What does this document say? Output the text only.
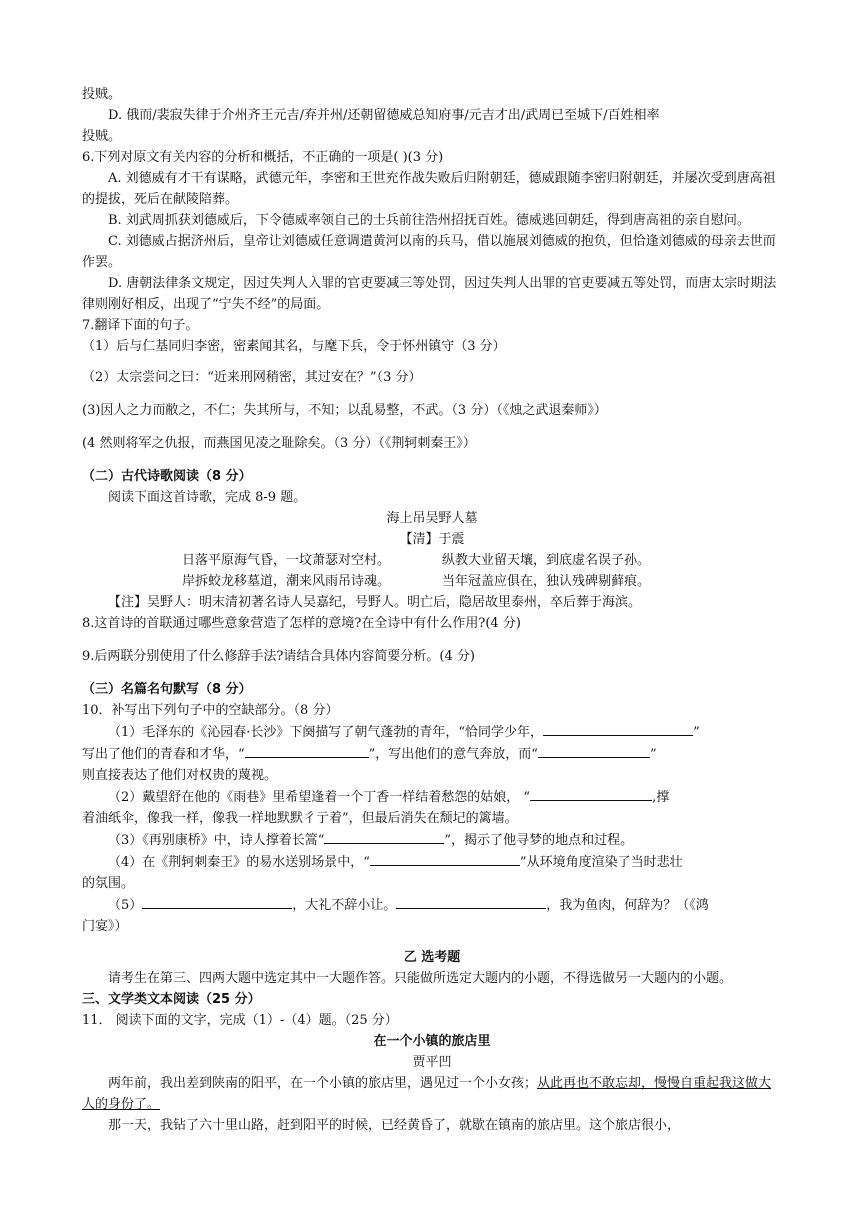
投贼。

D. 俄而/裴寂失律于介州齐王元吉/弃并州/还朝留德威总知府事/元吉才出/武周已至城下/百姓相率

投贼。

6.下列对原文有关内容的分析和概括，不正确的一项是( )(3 分)

A. 刘德威有才干有谋略，武德元年，李密和王世充作战失败后归附朝廷，德威跟随李密归附朝廷，并屡次受到唐高祖的提拔，死后在献陵陪葬。

B. 刘武周抓获刘德威后，下令德威率领自己的士兵前往浩州招抚百姓。德威逃回朝廷，得到唐高祖的亲自慰问。

C. 刘德威占据济州后，皇帝让刘德威任意调遣黄河以南的兵马，借以施展刘德威的抱负，但恰逢刘德威的母亲去世而作罢。

D. 唐朝法律条文规定，因过失判人入罪的官吏要减三等处罚，因过失判人出罪的官吏要减五等处罚，而唐太宗时期法律则刚好相反，出现了“宁失不经”的局面。

7.翻译下面的句子。

（1）后与仁基同归李密，密素闻其名，与麾下兵，令于怀州镇守（3 分）

（2）太宗尝问之曰：“近来刑网稍密，其过安在？”（3 分）

(3)因人之力而敝之，不仁；失其所与，不知；以乱易整，不武。（3 分）（《烛之武退秦师》）

(4 然则将军之仇报，而燕国见凌之耻除矣。（3 分）（《荆轲刺秦王》）

（二）古代诗歌阅读（8 分）

阅读下面这首诗歌，完成 8-9 题。

海上吊吴野人墓

【清】于震

日落平原海气昏，一坟萧瑟对空村。	纵教大业留天壤，到底虚名误子孙。

岸拆蛟龙移墓道，潮来风雨吊诗魂。	当年冠盖应俱在，独认残碑剔藓痕。

【注】吴野人：明末清初著名诗人吴嘉纪，号野人。明亡后，隐居故里泰州，卒后葬于海滨。

8.这首诗的首联通过哪些意象营造了怎样的意境?在全诗中有什么作用?(4 分)

9.后两联分别使用了什么修辞手法?请结合具体内容简要分析。(4 分)

（三）名篇名句默写（8 分）

10．补写出下列句子中的空缺部分。（8 分）

（1）毛泽东的《沁园春·长沙》下阕描写了朝气蓬勃的青年，“恰同学少年，	”

写出了他们的青春和才华，“	”，写出他们的意气奔放，而“	”

则直接表达了他们对权贵的蔑视。

（2）戴望舒在他的《雨巷》里希望逢着一个丁香一样结着愁怨的姑娘， “	,撑

着油纸伞，像我一样，像我一样地默默彳亍着”，但最后消失在颓圮的篱墙。

（3）《再别康桥》中，诗人撑着长篙“	”，揭示了他寻梦的地点和过程。

（4）在《荆轲刺秦王》的易水送别场景中，“	”从环境角度渲染了当时悲壮

的氛围。

（5）	，大礼不辞小让。	，我为鱼肉，何辞为？（《鸿

门宴》）

乙 选考题

请考生在第三、四两大题中选定其中一大题作答。只能做所选定大题内的小题，不得选做另一大题内的小题。

三、文学类文本阅读（25 分）

11． 阅读下面的文字，完成（1）-（4）题。（25 分）

在一个小镇的旅店里

贾平凹

两年前，我出差到陕南的阳平，在一个小镇的旅店里，遇见过一个小女孩；从此再也不敢忘却，慢慢自重起我这做大人的身份了。

那一天，我钻了六十里山路，赶到阳平的时候，已经黄昏了，就歇在镇南的旅店里。这个旅店很小，
